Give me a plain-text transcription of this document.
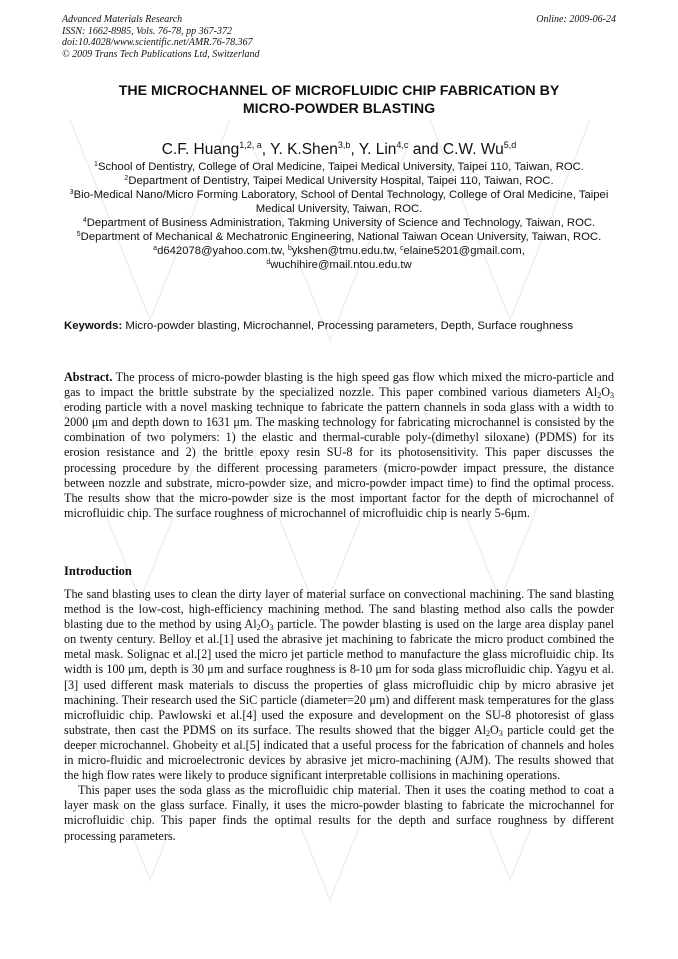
Advanced Materials Research
ISSN: 1662-8985, Vols. 76-78, pp 367-372
doi:10.4028/www.scientific.net/AMR.76-78.367
© 2009 Trans Tech Publications Ltd, Switzerland
Online: 2009-06-24
THE MICROCHANNEL OF MICROFLUIDIC CHIP FABRICATION BY
MICRO-POWDER BLASTING
C.F. Huang$^{1,2, a}$, Y. K.Shen$^{3,b}$, Y. Lin$^{4,c}$ and C.W. Wu$^{5,d}$
$^1$School of Dentistry, College of Oral Medicine, Taipei Medical University, Taipei 110, Taiwan, ROC.
$^2$Department of Dentistry, Taipei Medical University Hospital, Taipei 110, Taiwan, ROC.
$^3$Bio-Medical Nano/Micro Forming Laboratory, School of Dental Technology, College of Oral Medicine, Taipei Medical University, Taiwan, ROC.
$^4$Department of Business Administration, Takming University of Science and Technology, Taiwan, ROC.
$^5$Department of Mechanical & Mechatronic Engineering, National Taiwan Ocean University, Taiwan, ROC.
$^a$d642078@yahoo.com.tw, $^b$ykshen@tmu.edu.tw, $^c$elaine5201@gmail.com,
$^d$wuchihire@mail.ntou.edu.tw
Keywords: Micro-powder blasting, Microchannel, Processing parameters, Depth, Surface roughness
Abstract. The process of micro-powder blasting is the high speed gas flow which mixed the micro-particle and gas to impact the brittle substrate by the specialized nozzle. This paper combined various diameters $Al_2O_3$ eroding particle with a novel masking technique to fabricate the pattern channels in soda glass with a width to 2000 μm and depth down to 1631 μm. The masking technology for fabricating microchannel is consisted by the combination of two polymers: 1) the elastic and thermal-curable poly-(dimethyl siloxane) (PDMS) for its erosion resistance and 2) the brittle epoxy resin SU-8 for its photosensitivity. This paper discusses the processing procedure by the different processing parameters (micro-powder impact pressure, the distance between nozzle and substrate, micro-powder size, and micro-powder impact time) to find the optimal process. The results show that the micro-powder size is the most important factor for the depth of microchannel of microfluidic chip. The surface roughness of microchannel of microfluidic chip is nearly 5-6μm.
Introduction

The sand blasting uses to clean the dirty layer of material surface on convectional machining. The sand blasting method is the low-cost, high-efficiency machining method. The sand blasting method also calls the powder blasting due to the method by using $Al_2O_3$ particle. The powder blasting is used on the large area display panel on twenty century. Belloy et al.[1] used the abrasive jet machining to fabricate the micro product combined the metal mask. Solignac et al.[2] used the micro jet particle method to manufacture the glass microfluidic chip. Its width is 100 μm, depth is 30 μm and surface roughness is 8-10 μm for soda glass microfluidic chip. Yagyu et al.[3] used different mask materials to discuss the properties of glass microfluidic chip by micro abrasive jet machining. Their research used the SiC particle (diameter=20 μm) and different mask temperatures for the glass microfluidic chip. Pawlowski et al.[4] used the exposure and development on the SU-8 photoresist of glass substrate, then cast the PDMS on its surface. The results showed that the bigger $Al_2O_3$ particle could get the deeper microchannel. Ghobeity et al.[5] indicated that a useful process for the fabrication of channels and holes in micro-fluidic and microelectronic devices by abrasive jet micro-machining (AJM). The results showed that the high flow rates were likely to produce significant interpretable collisions in machining operations.

This paper uses the soda glass as the microfluidic chip material. Then it uses the coating method to coat a layer mask on the glass surface. Finally, it uses the micro-powder blasting to fabricate the microchannel for microfluidic chip. This paper finds the optimal results for the depth and surface roughness by different processing parameters.
